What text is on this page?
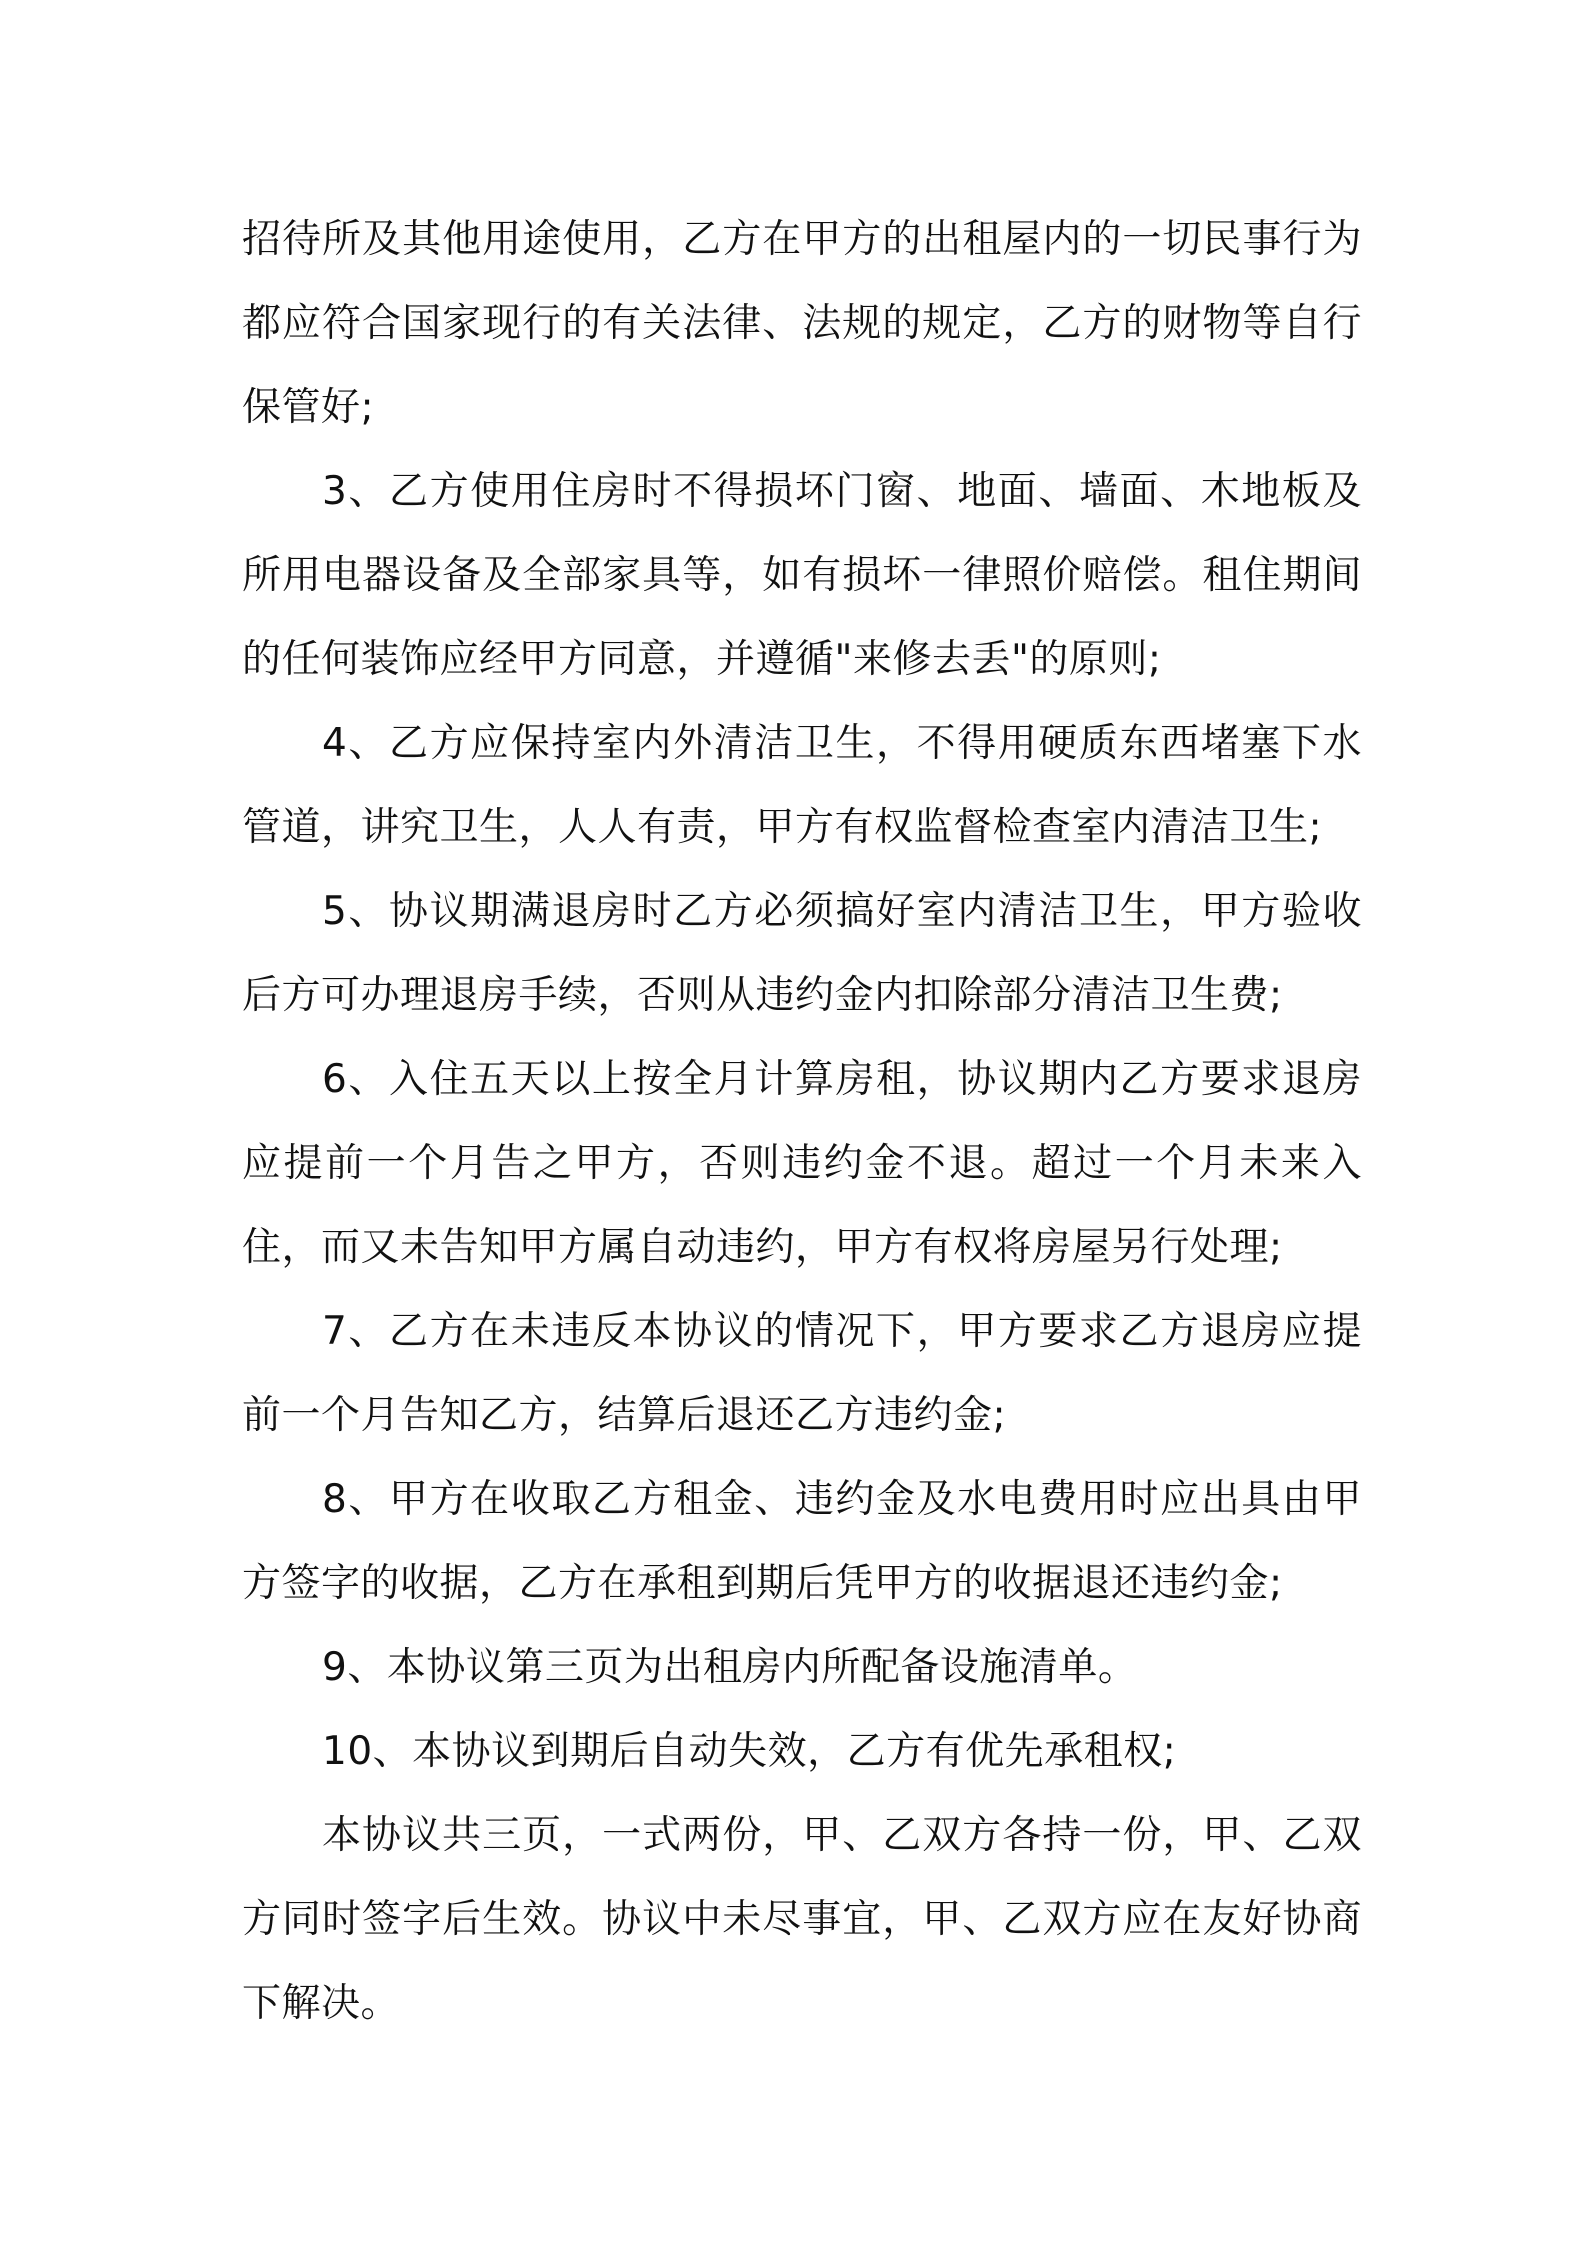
招待所及其他用途使用，乙方在甲方的出租屋内的一切民事行为都应符合国家现行的有关法律、法规的规定，乙方的财物等自行保管好;

3、乙方使用住房时不得损坏门窗、地面、墙面、木地板及所用电器设备及全部家具等，如有损坏一律照价赔偿。租住期间的任何装饰应经甲方同意，并遵循"来修去丢"的原则;

4、乙方应保持室内外清洁卫生，不得用硬质东西堵塞下水管道，讲究卫生，人人有责，甲方有权监督检查室内清洁卫生;

5、协议期满退房时乙方必须搞好室内清洁卫生，甲方验收后方可办理退房手续，否则从违约金内扣除部分清洁卫生费;

6、入住五天以上按全月计算房租，协议期内乙方要求退房应提前一个月告之甲方，否则违约金不退。超过一个月未来入住，而又未告知甲方属自动违约，甲方有权将房屋另行处理;

7、乙方在未违反本协议的情况下，甲方要求乙方退房应提前一个月告知乙方，结算后退还乙方违约金;

8、甲方在收取乙方租金、违约金及水电费用时应出具由甲方签字的收据，乙方在承租到期后凭甲方的收据退还违约金;

9、本协议第三页为出租房内所配备设施清单。

10、本协议到期后自动失效，乙方有优先承租权;

本协议共三页，一式两份，甲、乙双方各持一份，甲、乙双方同时签字后生效。协议中未尽事宜，甲、乙双方应在友好协商下解决。
